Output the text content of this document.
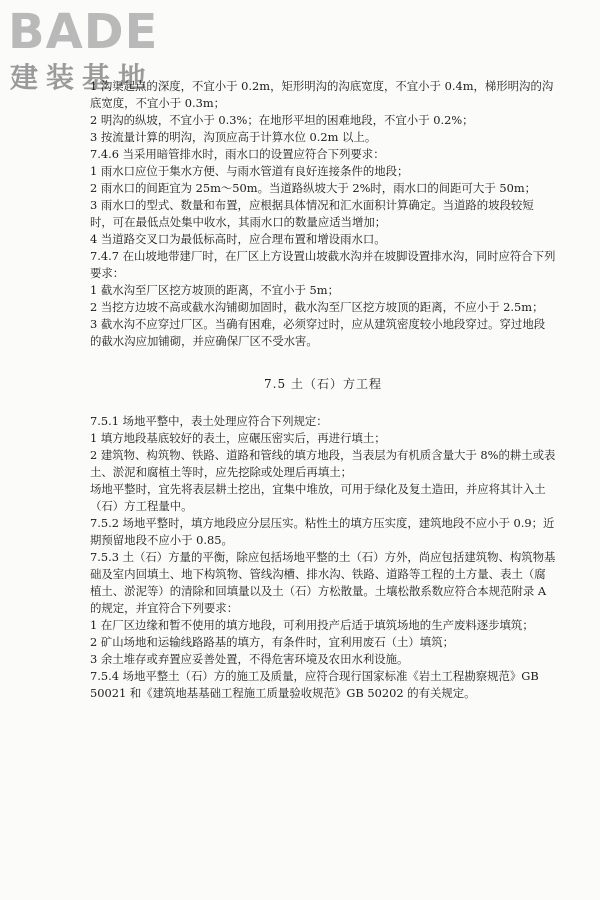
BADE
建装基地

1 沟渠起点的深度，不宜小于 0.2m，矩形明沟的沟底宽度，不宜小于 0.4m，梯形明沟的沟底宽度，不宜小于 0.3m；

2 明沟的纵坡，不宜小于 0.3%；在地形平坦的困难地段，不宜小于 0.2%；

3 按流量计算的明沟，沟顶应高于计算水位 0.2m 以上。

7.4.6 当采用暗管排水时，雨水口的设置应符合下列要求：

1 雨水口应位于集水方便、与雨水管道有良好连接条件的地段；

2 雨水口的间距宜为 25m～50m。当道路纵坡大于 2%时，雨水口的间距可大于 50m；

3 雨水口的型式、数量和布置，应根据具体情况和汇水面积计算确定。当道路的坡段较短时，可在最低点处集中收水，其雨水口的数量应适当增加；

4 当道路交叉口为最低标高时，应合理布置和增设雨水口。

7.4.7 在山坡地带建厂时，在厂区上方设置山坡截水沟并在坡脚设置排水沟，同时应符合下列要求：

1 截水沟至厂区挖方坡顶的距离，不宜小于 5m；

2 当挖方边坡不高或截水沟铺砌加固时，截水沟至厂区挖方坡顶的距离，不应小于 2.5m；

3 截水沟不应穿过厂区。当确有困难，必须穿过时，应从建筑密度较小地段穿过。穿过地段的截水沟应加铺砌，并应确保厂区不受水害。

7.5 土（石）方工程

7.5.1 场地平整中，表土处理应符合下列规定：

1 填方地段基底较好的表土，应碾压密实后，再进行填土；

2 建筑物、构筑物、铁路、道路和管线的填方地段，当表层为有机质含量大于 8%的耕土或表土、淤泥和腐植土等时，应先挖除或处理后再填土；

场地平整时，宜先将表层耕土挖出，宜集中堆放，可用于绿化及复土造田，并应将其计入土（石）方工程量中。

7.5.2 场地平整时，填方地段应分层压实。粘性土的填方压实度，建筑地段不应小于 0.9；近期预留地段不应小于 0.85。

7.5.3 土（石）方量的平衡，除应包括场地平整的土（石）方外，尚应包括建筑物、构筑物基础及室内回填土、地下构筑物、管线沟槽、排水沟、铁路、道路等工程的土方量、表土（腐植土、淤泥等）的清除和回填量以及土（石）方松散量。土壤松散系数应符合本规范附录 A 的规定，并宜符合下列要求：

1 在厂区边缘和暂不使用的填方地段，可利用投产后适于填筑场地的生产废料逐步填筑；

2 矿山场地和运输线路路基的填方，有条件时，宜利用废石（土）填筑；

3 余土堆存或弃置应妥善处置，不得危害环境及农田水利设施。

7.5.4 场地平整土（石）方的施工及质量，应符合现行国家标准《岩土工程勘察规范》GB 50021 和《建筑地基基础工程施工质量验收规范》GB 50202 的有关规定。
